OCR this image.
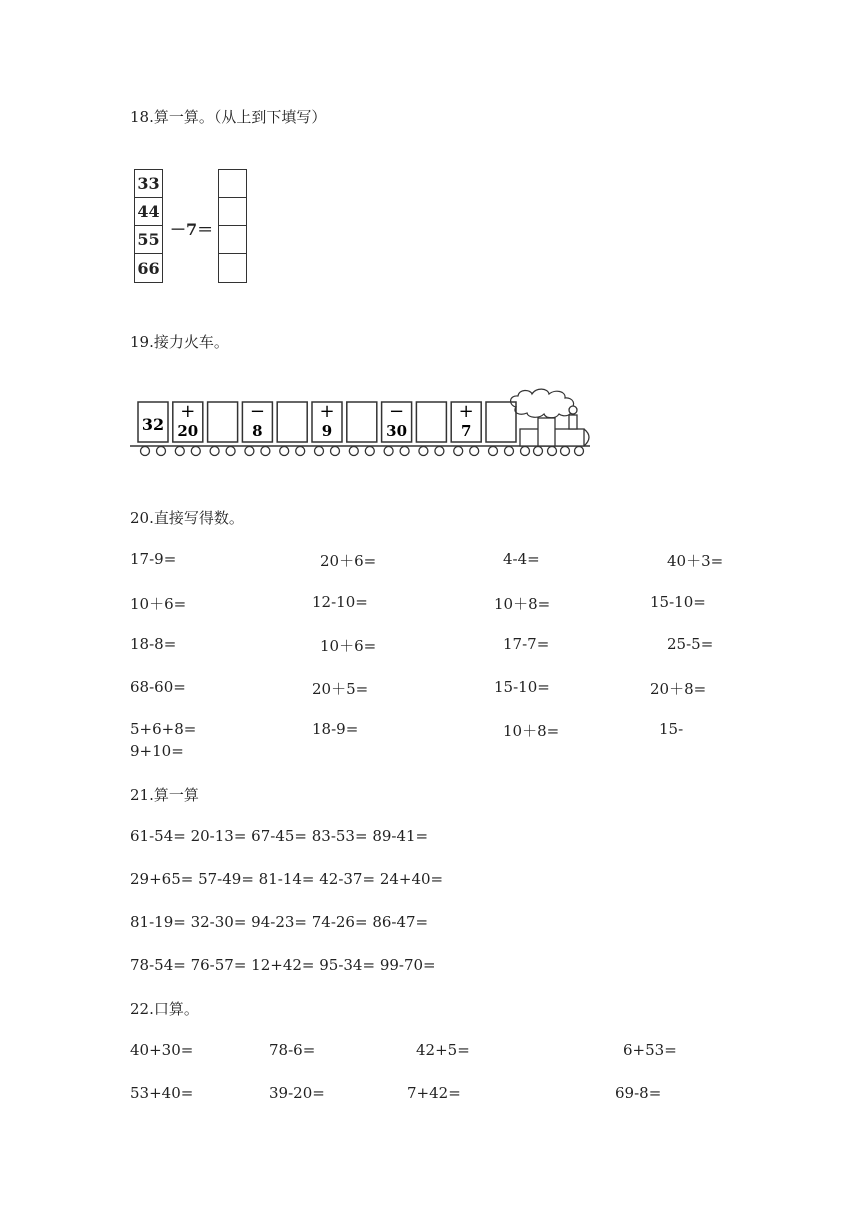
18.算一算。（从上到下填写）
33
44
55
66
－7＝
19.接力火车。
32
+
20
−
8
+
9
−
30
+
7
20.直接写得数。
17-9=	20＋6=	4-4=	40＋3=
10＋6=	12-10=	10＋8=	15-10=
18-8=	10＋6=	17-7=	25-5=
68-60=	20＋5=	15-10=	20＋8=
5+6+8=	18-9=	10＋8=	15-
9+10=
21.算一算
61-54= 20-13= 67-45= 83-53= 89-41=
29+65= 57-49= 81-14= 42-37= 24+40=
81-19= 32-30= 94-23= 74-26= 86-47=
78-54= 76-57= 12+42= 95-34= 99-70=
22.口算。
40+30=	78-6=	42+5=	6+53=
53+40=	39-20=	7+42=	69-8=
